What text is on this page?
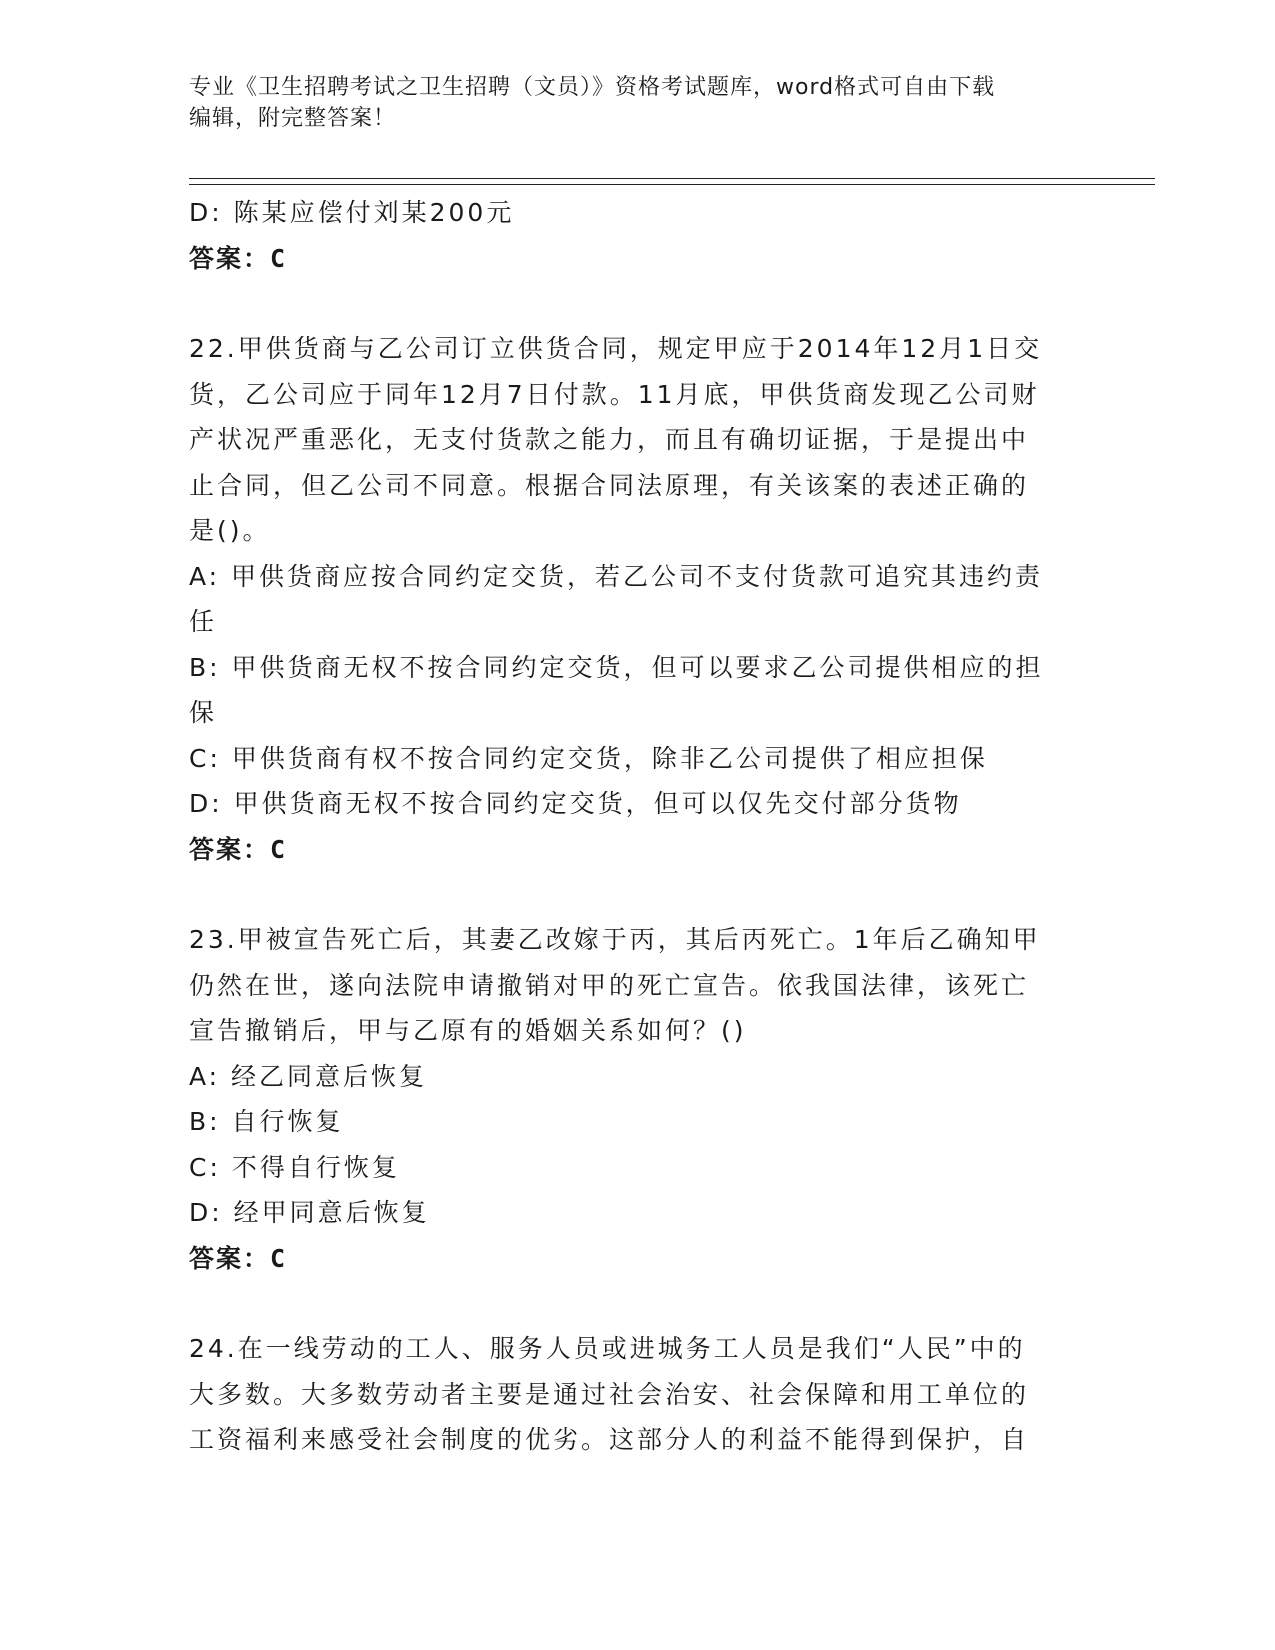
专业《卫生招聘考试之卫生招聘（文员）》资格考试题库，word格式可自由下载
编辑，附完整答案！
D: 陈某应偿付刘某200元
答案：C
22.甲供货商与乙公司订立供货合同，规定甲应于2014年12月1日交
货，乙公司应于同年12月7日付款。11月底，甲供货商发现乙公司财
产状况严重恶化，无支付货款之能力，而且有确切证据，于是提出中
止合同，但乙公司不同意。根据合同法原理，有关该案的表述正确的
是()。
A: 甲供货商应按合同约定交货，若乙公司不支付货款可追究其违约责
任
B: 甲供货商无权不按合同约定交货，但可以要求乙公司提供相应的担
保
C: 甲供货商有权不按合同约定交货，除非乙公司提供了相应担保
D: 甲供货商无权不按合同约定交货，但可以仅先交付部分货物
答案：C
23.甲被宣告死亡后，其妻乙改嫁于丙，其后丙死亡。1年后乙确知甲
仍然在世，遂向法院申请撤销对甲的死亡宣告。依我国法律，该死亡
宣告撤销后，甲与乙原有的婚姻关系如何？()
A: 经乙同意后恢复
B: 自行恢复
C: 不得自行恢复
D: 经甲同意后恢复
答案：C
24.在一线劳动的工人、服务人员或进城务工人员是我们“人民”中的
大多数。大多数劳动者主要是通过社会治安、社会保障和用工单位的
工资福利来感受社会制度的优劣。这部分人的利益不能得到保护，自
